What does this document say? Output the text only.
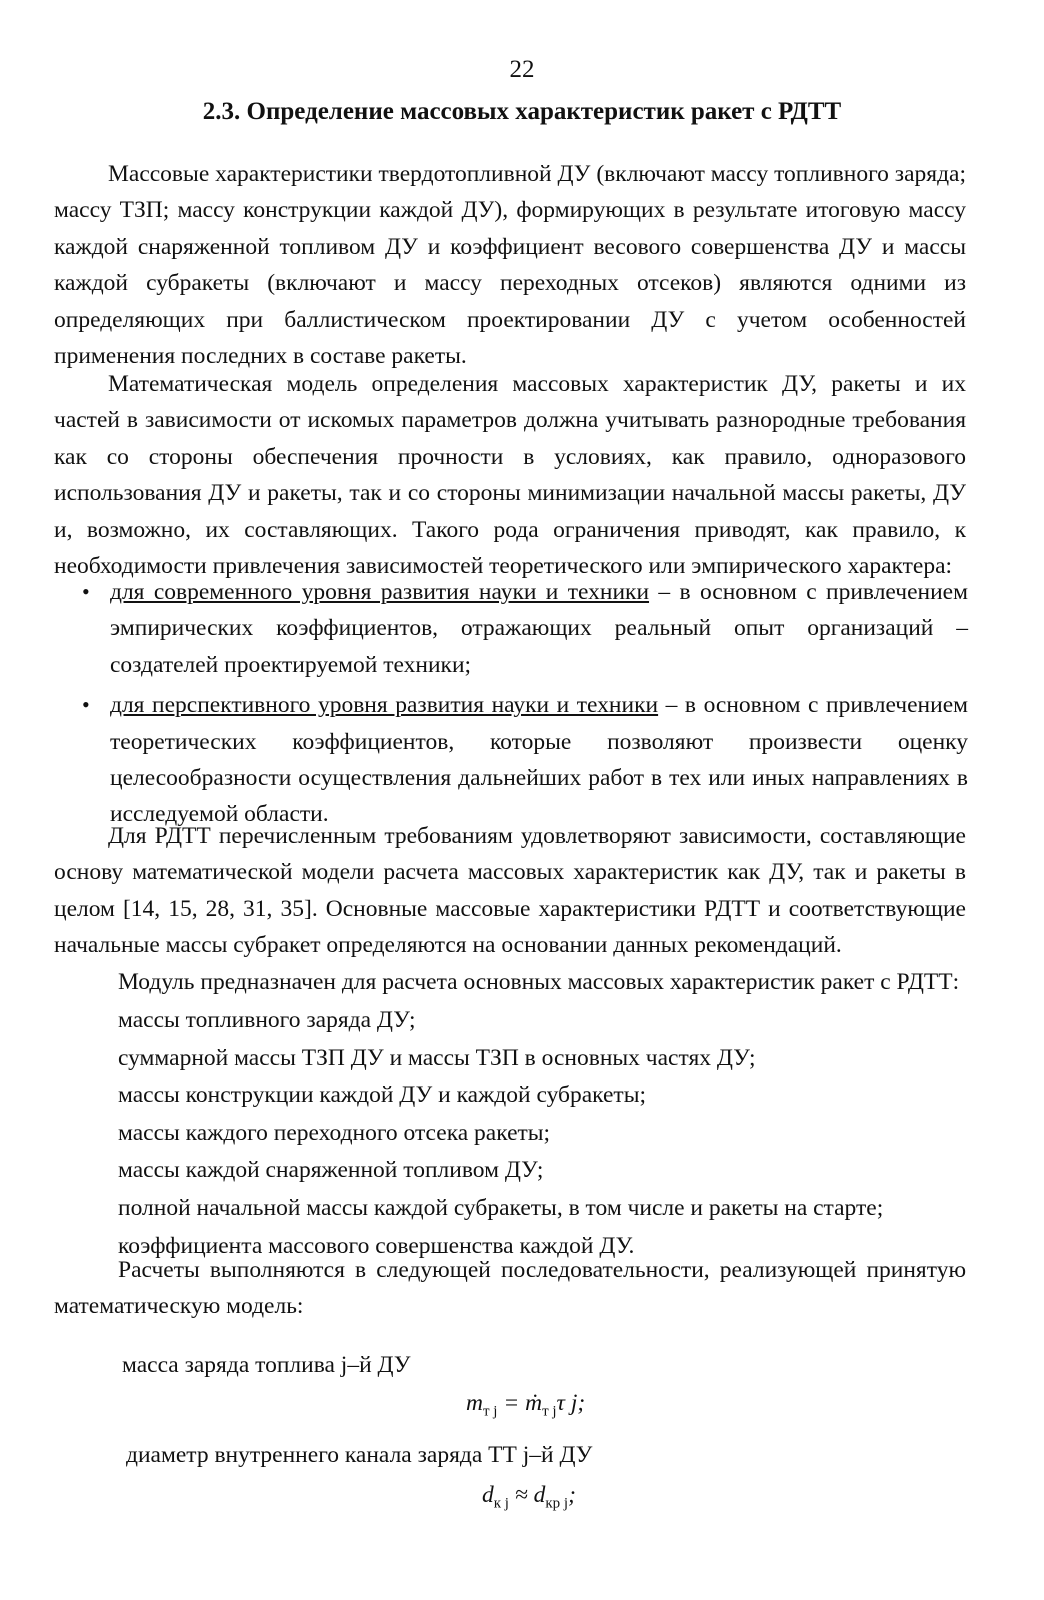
22
2.3. Определение массовых характеристик ракет с РДТТ

Массовые характеристики твердотопливной ДУ (включают массу топливного заряда; массу ТЗП; массу конструкции каждой ДУ), формирующих в результате итоговую массу каждой снаряженной топливом ДУ и коэффициент весового совершенства ДУ и массы каждой субракеты (включают и массу переходных отсеков) являются одними из определяющих при баллистическом проектировании ДУ с учетом особенностей применения последних в составе ракеты.

Математическая модель определения массовых характеристик ДУ, ракеты и их частей в зависимости от искомых параметров должна учитывать разнородные требования как со стороны обеспечения прочности в условиях, как правило, одноразового использования ДУ и ракеты, так и со стороны минимизации начальной массы ракеты, ДУ и, возможно, их составляющих. Такого рода ограничения приводят, как правило, к необходимости привлечения зависимостей теоретического или эмпирического характера:

• для современного уровня развития науки и техники – в основном с привлечением эмпирических коэффициентов, отражающих реальный опыт организаций – создателей проектируемой техники;
• для перспективного уровня развития науки и техники – в основном с привлечением теоретических коэффициентов, которые позволяют произвести оценку целесообразности осуществления дальнейших работ в тех или иных направлениях в исследуемой области.

Для РДТТ перечисленным требованиям удовлетворяют зависимости, составляющие основу математической модели расчета массовых характеристик как ДУ, так и ракеты в целом [14, 15, 28, 31, 35]. Основные массовые характеристики РДТТ и соответствующие начальные массы субракет определяются на основании данных рекомендаций.

Модуль предназначен для расчета основных массовых характеристик ракет с РДТТ:

массы топливного заряда ДУ;
суммарной массы ТЗП ДУ и массы ТЗП в основных частях ДУ;
массы конструкции каждой ДУ и каждой субракеты;
массы каждого переходного отсека ракеты;
массы каждой снаряженной топливом ДУ;
полной начальной массы каждой субракеты, в том числе и ракеты на старте;
коэффициента массового совершенства каждой ДУ.

Расчеты выполняются в следующей последовательности, реализующей принятую математическую модель:

масса заряда топлива j–й ДУ
$m_{т j}$ = ṁ$_{т j}$τ j;
диаметр внутреннего канала заряда ТТ j–й ДУ
$d_{к j} \approx d_{кр j}$;
